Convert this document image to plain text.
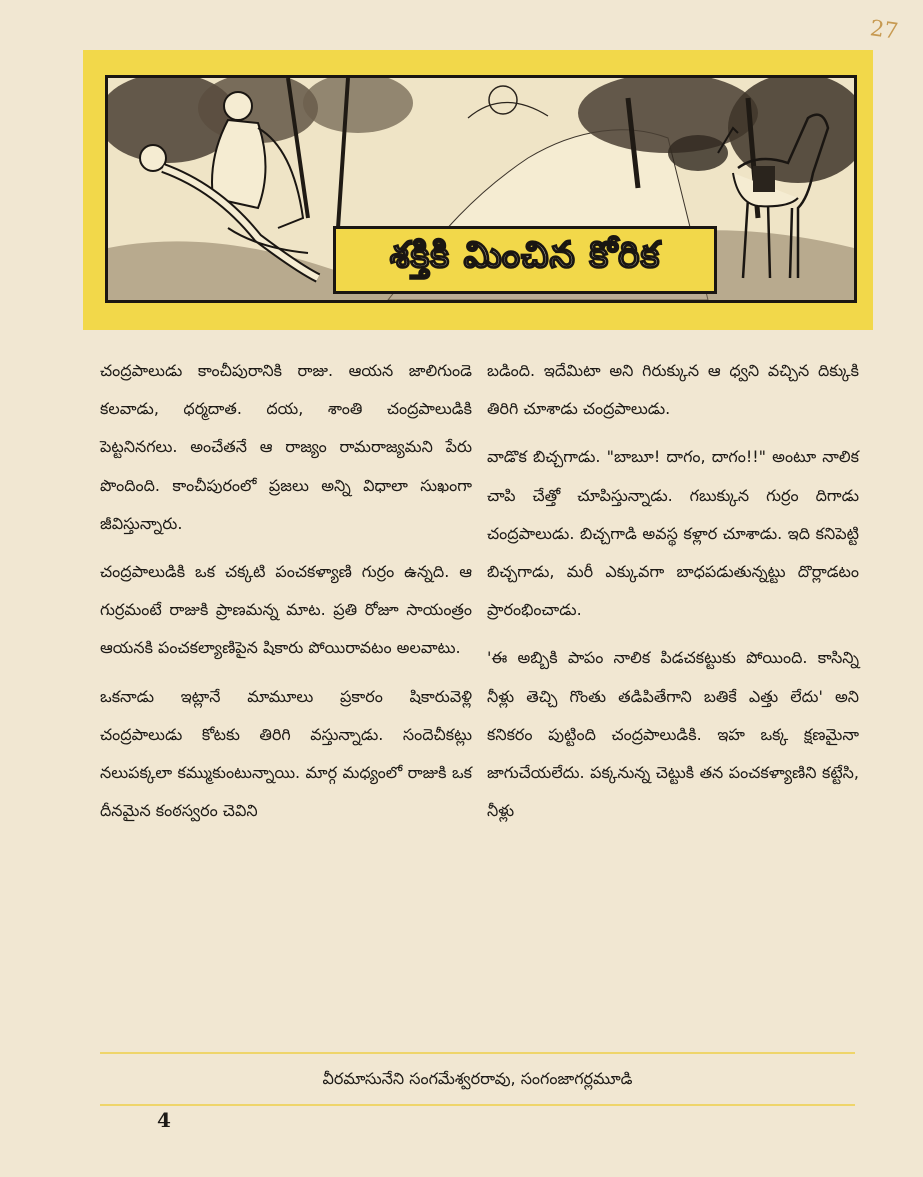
27
శక్తికి మించిన కోరిక

చంద్రపాలుడు కాంచీపురానికి రాజు. ఆయన జాలిగుండె కలవాడు, ధర్మదాత. దయ, శాంతి చంద్రపాలుడికి పెట్టనినగలు. అంచేతనే ఆ రాజ్యం రామరాజ్యమని పేరు పొందింది. కాంచీపురంలో ప్రజలు అన్ని విధాలా సుఖంగా జీవిస్తున్నారు.

చంద్రపాలుడికి ఒక చక్కటి పంచకళ్యాణి గుర్రం ఉన్నది. ఆ గుర్రమంటే రాజుకి ప్రాణమన్న మాట. ప్రతి రోజూ సాయంత్రం ఆయనకి పంచకల్యాణిపైన షికారు పోయిరావటం అలవాటు.

ఒకనాడు ఇట్లానే మామూలు ప్రకారం షికారువెళ్లి చంద్రపాలుడు కోటకు తిరిగి వస్తున్నాడు. సందెచీకట్లు నలుపక్కలా కమ్ముకుంటున్నాయి. మార్గ మధ్యంలో రాజుకి ఒక దీనమైన కంఠస్వరం చెవిని

బడింది. ఇదేమిటా అని గిరుక్కున ఆ ధ్వని వచ్చిన దిక్కుకి తిరిగి చూశాడు చంద్రపాలుడు.

వాడొక బిచ్చగాడు. "బాబూ! దాగం, దాగం!!" అంటూ నాలిక చాపి చేత్తో చూపిస్తున్నాడు. గబుక్కున గుర్రం దిగాడు చంద్రపాలుడు. బిచ్చగాడి అవస్థ కళ్లార చూశాడు. ఇది కనిపెట్టి బిచ్చగాడు, మరీ ఎక్కువగా బాధపడుతున్నట్టు దొర్లాడటం ప్రారంభించాడు.

'ఈ అబ్బికి పాపం నాలిక పిడచకట్టుకు పోయింది. కాసిన్ని నీళ్లు తెచ్చి గొంతు తడిపితేగాని బతికే ఎత్తు లేదు' అని కనికరం పుట్టింది చంద్రపాలుడికి. ఇహ ఒక్క క్షణమైనా జాగుచేయలేదు. పక్కనున్న చెట్టుకి తన పంచకళ్యాణిని కట్టేసి, నీళ్లు

వీరమాసునేని సంగమేశ్వరరావు, సంగంజాగర్లమూడి
4
